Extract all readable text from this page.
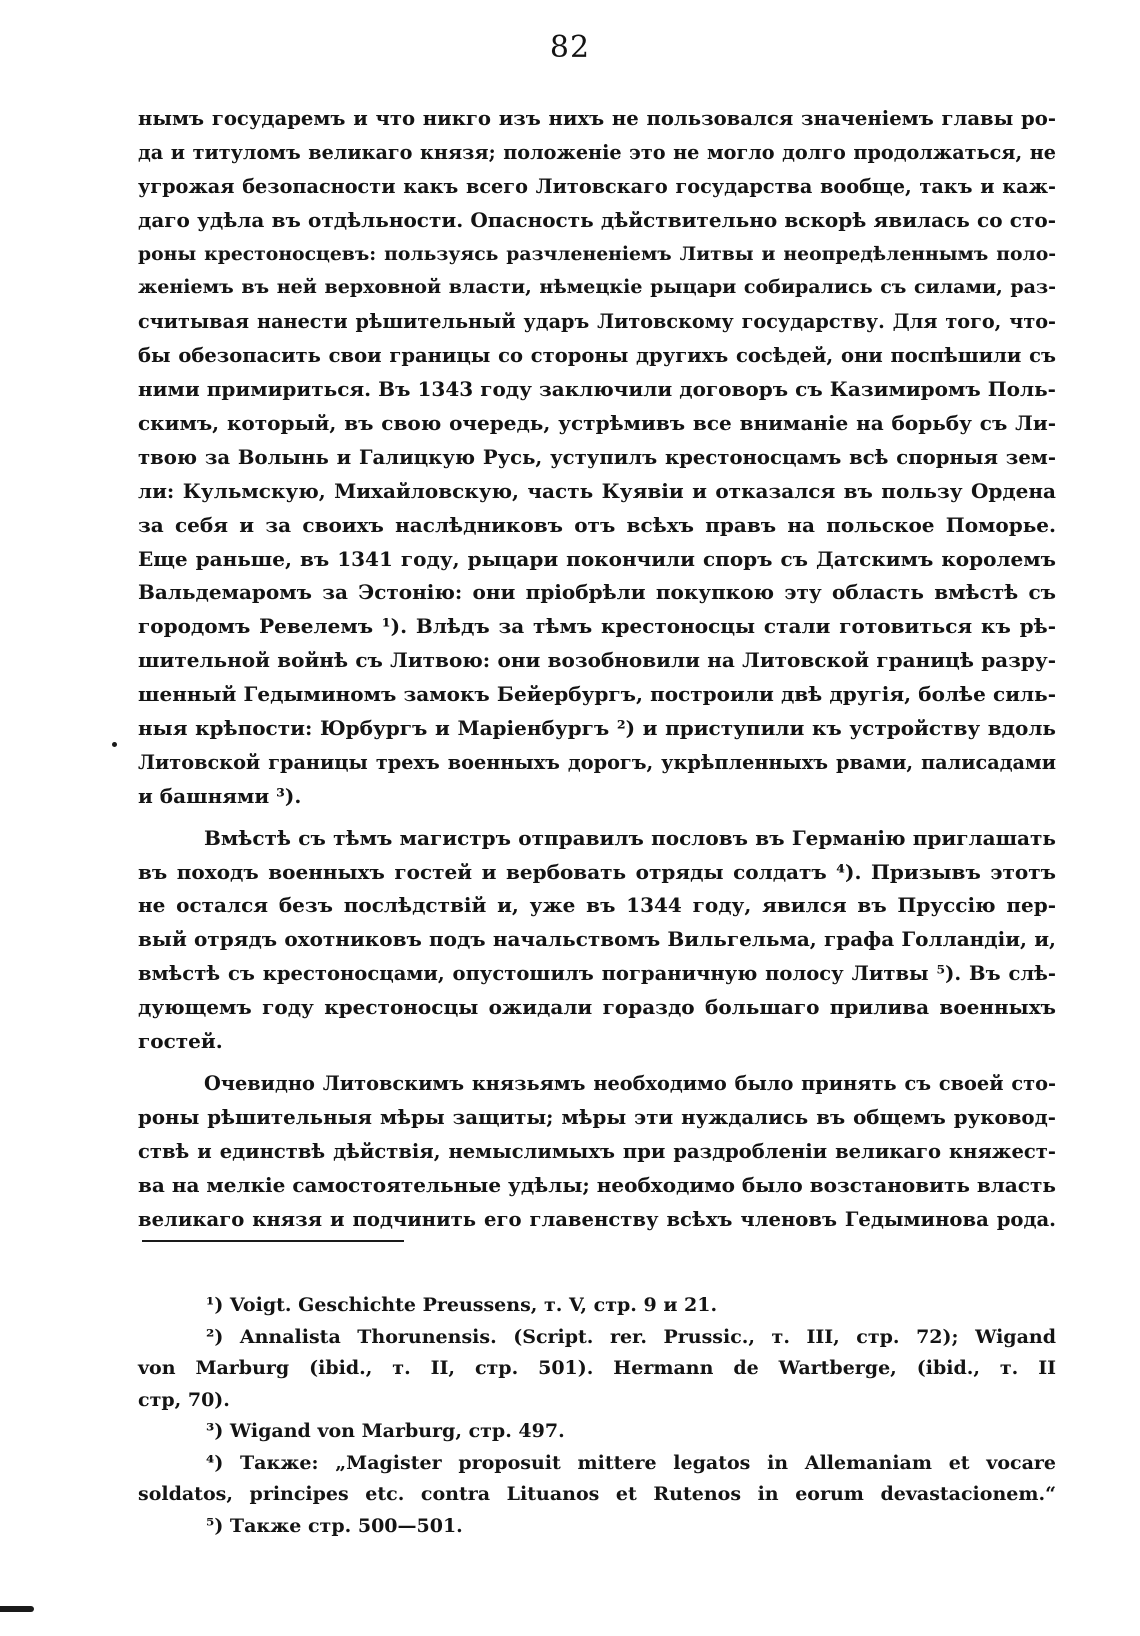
82
нымъ государемъ и что никго изъ нихъ не пользовался значеніемъ главы ро-
да и титуломъ великаго князя; положеніе это не могло долго продолжаться, не
угрожая безопасности какъ всего Литовскаго государства вообще, такъ и каж-
даго удѣла въ отдѣльности. Опасность дѣйствительно вскорѣ явилась со сто-
роны крестоносцевъ: пользуясь разчлененіемъ Литвы и неопредѣленнымъ поло-
женіемъ въ ней верховной власти, нѣмецкіе рыцари собирались съ силами, раз-
считывая нанести рѣшительный ударъ Литовскому государству. Для того, что-
бы обезопасить свои границы со стороны другихъ сосѣдей, они поспѣшили съ
ними примириться. Въ 1343 году заключили договоръ съ Казимиромъ Поль-
скимъ, который, въ свою очередь, устрѣмивъ все вниманіе на борьбу съ Ли-
твою за Волынь и Галицкую Русь, уступилъ крестоносцамъ всѣ спорныя зем-
ли: Кульмскую, Михайловскую, часть Куявіи и отказался въ пользу Ордена
за себя и за своихъ наслѣдниковъ отъ всѣхъ правъ на польское Поморье.
Еще раньше, въ 1341 году, рыцари покончили споръ съ Датскимъ королемъ
Вальдемаромъ за Эстонію: они пріобрѣли покупкою эту область вмѣстѣ съ
городомъ Ревелемъ ¹). Влѣдъ за тѣмъ крестоносцы стали готовиться къ рѣ-
шительной войнѣ съ Литвою: они возобновили на Литовской границѣ разру-
шенный Гедыминомъ замокъ Бейербургъ, построили двѣ другія, болѣе силь-
ныя крѣпости: Юрбургъ и Маріенбургъ ²) и приступили къ устройству вдоль
Литовской границы трехъ военныхъ дорогъ, укрѣпленныхъ рвами, палисадами
и башнями ³).
Вмѣстѣ съ тѣмъ магистръ отправилъ пословъ въ Германію приглашать
въ походъ военныхъ гостей и вербовать отряды солдатъ ⁴). Призывъ этотъ
не остался безъ послѣдствій и, уже въ 1344 году, явился въ Пруссію пер-
вый отрядъ охотниковъ подъ начальствомъ Вильгельма, графа Голландіи, и,
вмѣстѣ съ крестоносцами, опустошилъ пограничную полосу Литвы ⁵). Въ слѣ-
дующемъ году крестоносцы ожидали гораздо большаго прилива военныхъ
гостей.
Очевидно Литовскимъ князьямъ необходимо было принять съ своей сто-
роны рѣшительныя мѣры защиты; мѣры эти нуждались въ общемъ руковод-
ствѣ и единствѣ дѣйствія, немыслимыхъ при раздробленіи великаго княжест-
ва на мелкіе самостоятельные удѣлы; необходимо было возстановить власть
великаго князя и подчинить его главенству всѣхъ членовъ Гедыминова рода.
¹) Voigt. Geschichte Preussens, т. V, стр. 9 и 21.
²) Annalista Thorunensis. (Script. rer. Prussic., т. III, стр. 72); Wigand
von Marburg (ibid., т. II, стр. 501). Hermann de Wartberge, (ibid., т. II
стр, 70).
³) Wigand von Marburg, стр. 497.
⁴) Также: „Magister proposuit mittere legatos in Allemaniam et vocare
soldatos, principes etc. contra Lituanos et Rutenos in eorum devastacionem.“
⁵) Также стр. 500—501.
